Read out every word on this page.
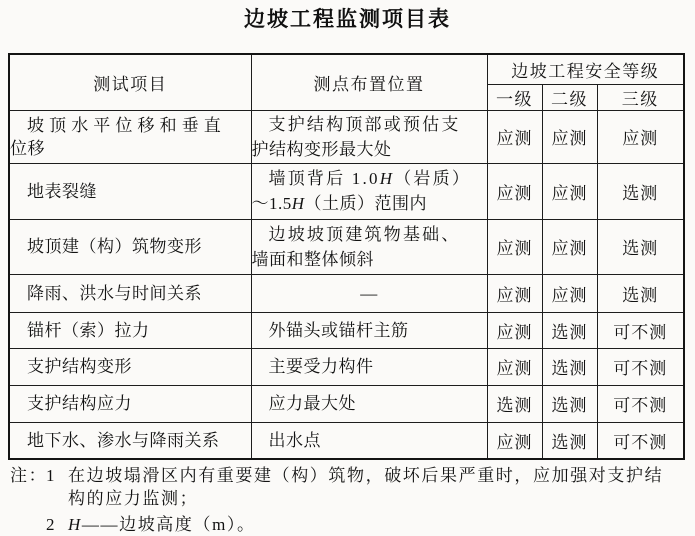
边坡工程监测项目表
测试项目	测点布置位置	边坡工程安全等级		
		一级	二级	三级
坡顶水平位移和垂直
位移	支护结构顶部或预估支
护结构变形最大处	应测	应测	应测
地表裂缝	墙顶背后 1.0H（岩质）
～1.5H（土质）范围内	应测	应测	选测
坡顶建（构）筑物变形	边坡坡顶建筑物基础、
墙面和整体倾斜	应测	应测	选测
降雨、洪水与时间关系	—	应测	应测	选测
锚杆（索）拉力	外锚头或锚杆主筋	应测	选测	可不测
支护结构变形	主要受力构件	应测	选测	可不测
支护结构应力	应力最大处	选测	选测	可不测
地下水、渗水与降雨关系	出水点	应测	选测	可不测
注：
1 在边坡塌滑区内有重要建（构）筑物，破坏后果严重时，应加强对支护结
构的应力监测；
2 H——边坡高度（m）。
